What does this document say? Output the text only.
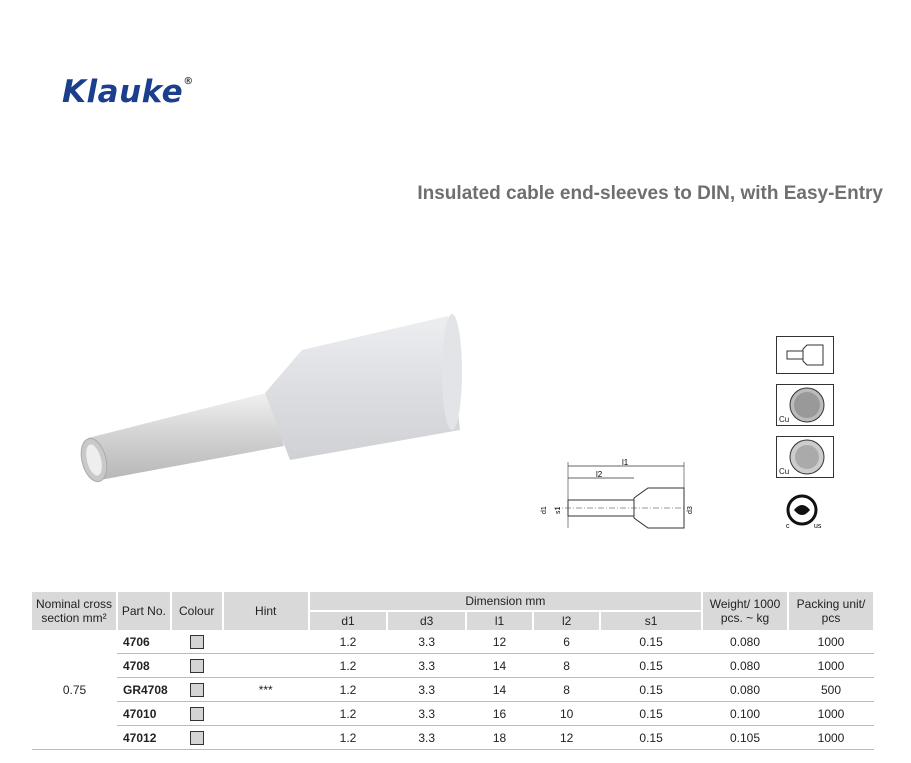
Klauke®
Insulated cable end-sleeves to DIN, with Easy-Entry
Cu
Cu
c	us
l1
l2
d1 s1	d3
Nominal cross section mm²	Part No.	Colour	Hint	Dimension mm					Weight/ 1000 pcs. ~ kg	Packing unit/ pcs
				d1	d3	l1	l2	s1		
0.75	4706			1.2	3.3	12	6	0.15	0.080	1000
	4708			1.2	3.3	14	8	0.15	0.080	1000
	GR4708		***	1.2	3.3	14	8	0.15	0.080	500
	47010			1.2	3.3	16	10	0.15	0.100	1000
	47012			1.2	3.3	18	12	0.15	0.105	1000
